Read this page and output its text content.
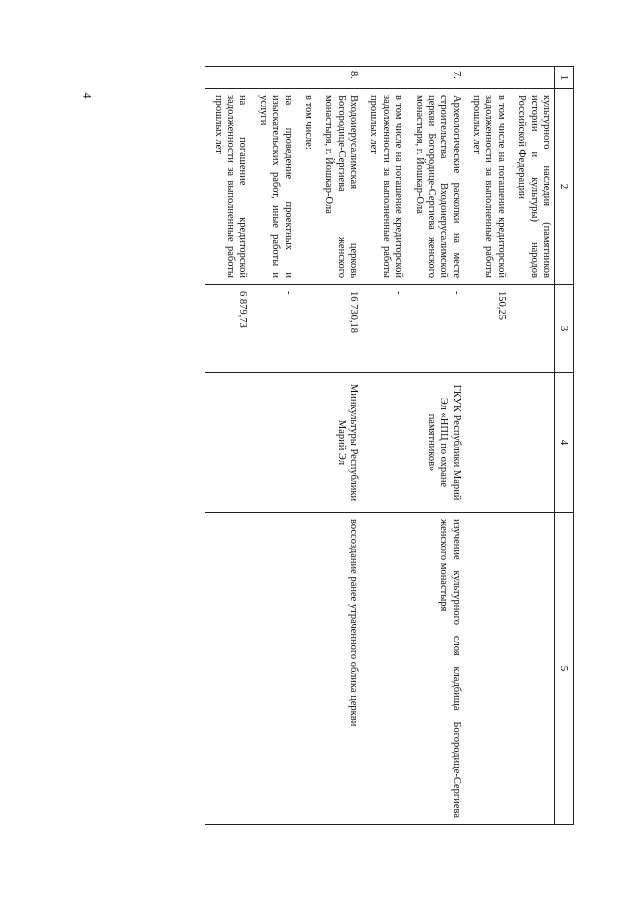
4
1	2	3	4	5
	культурного наследия (памятников истории и культуры) народов Российской Федерации			
	в том числе на погашение кредиторской задолженности за выполненные работы прошлых лет	150,25		
7.	Археологические раскопки на месте строительства Входоиерусалимской церкви Богородице-Сергиева женского монастыря, г. Йошкар-Ола	-	ГКУК Республики Марий Эл «НПЦ по охране памятников»	изучение культурного слоя кладбища Богородице-Сергиева женского монастыря
	в том числе на погашение кредиторской задолженности за выполненные работы прошлых лет	-		
8.	Входоиерусалимская церковь Богородице-Сергиева женского монастыря, г. Йошкар-Ола	16 730,18	Минкультуры Республики Марий Эл	воссоздание ранее утраченного облика церкви
	в том числе:			
	на проведение проектных и изыскательских работ, иные работы и услуги	-		
	на погашение кредиторской задолженности за выполненные работы прошлых лет	6 879,73		
